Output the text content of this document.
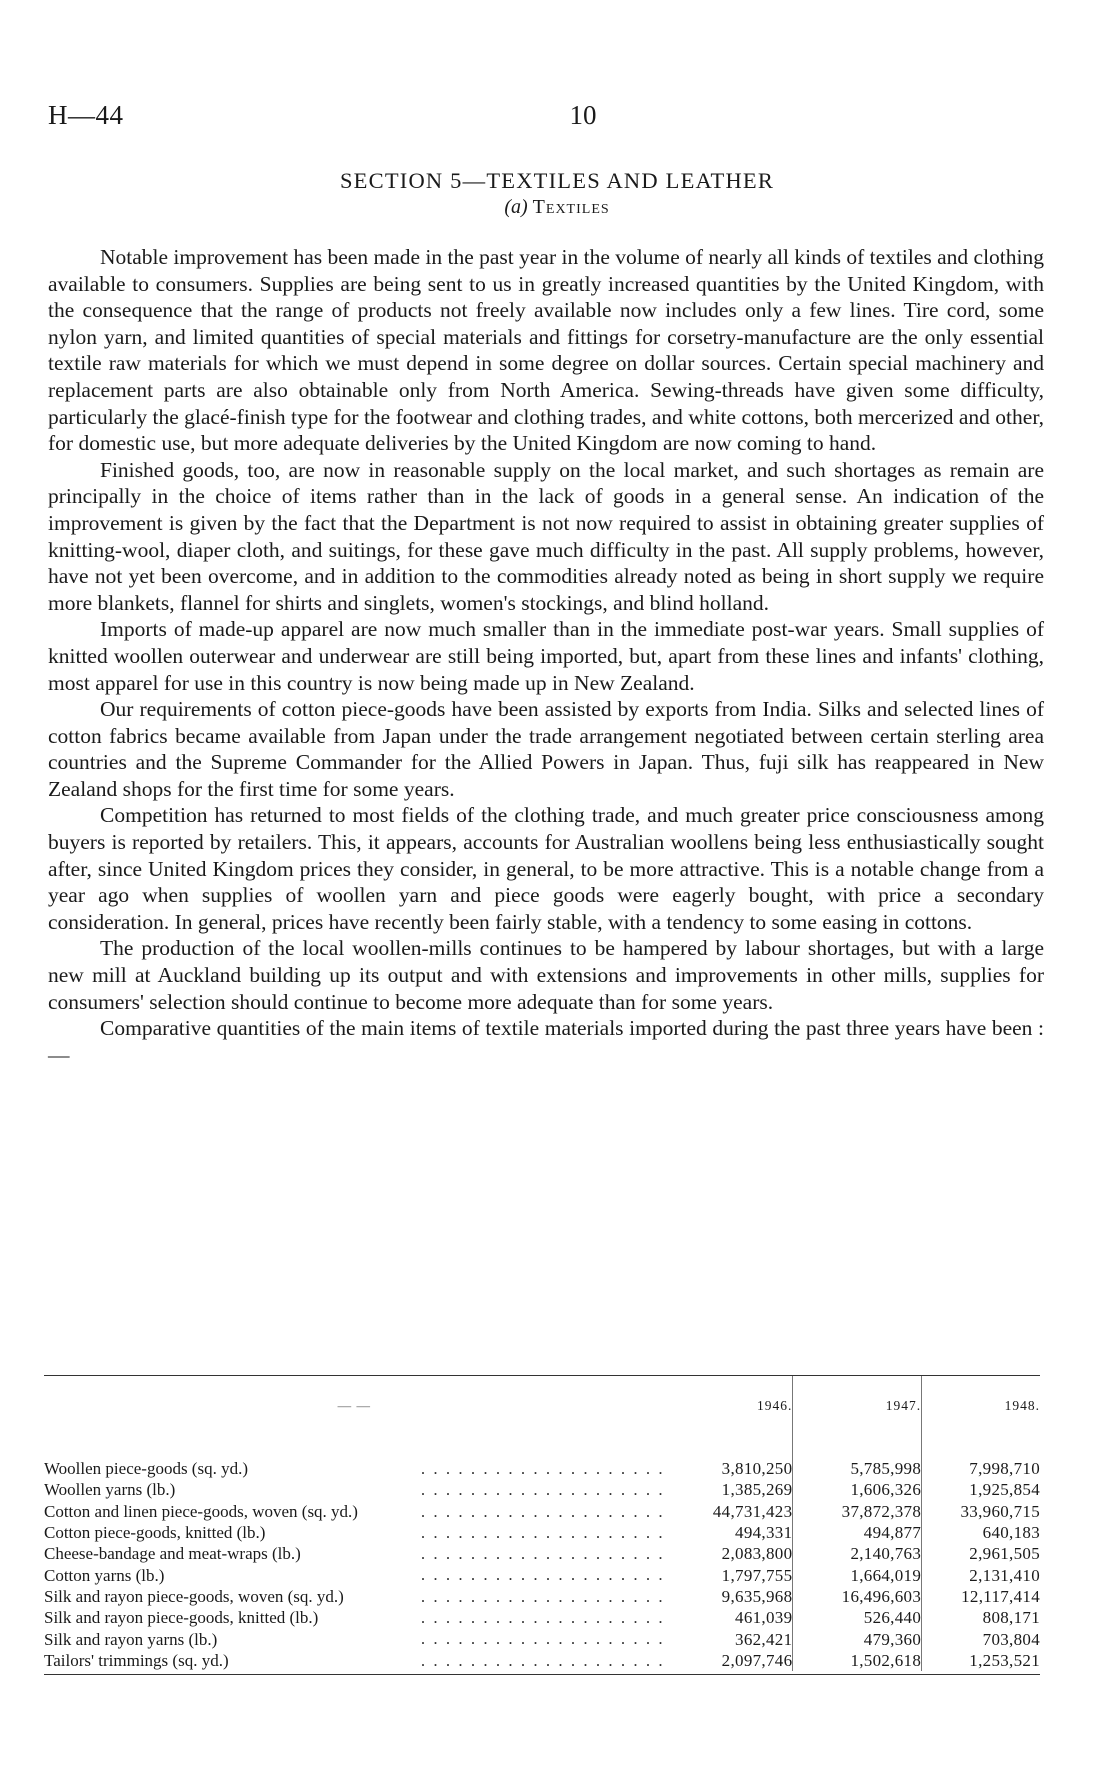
H—44	10
SECTION 5—TEXTILES AND LEATHER
(a) Textiles

Notable improvement has been made in the past year in the volume of nearly all kinds of textiles and clothing available to consumers. Supplies are being sent to us in greatly increased quantities by the United Kingdom, with the consequence that the range of products not freely available now includes only a few lines. Tire cord, some nylon yarn, and limited quantities of special materials and fittings for corsetry-manufacture are the only essential textile raw materials for which we must depend in some degree on dollar sources. Certain special machinery and replacement parts are also obtainable only from North America. Sewing-threads have given some difficulty, particularly the glacé-finish type for the footwear and clothing trades, and white cottons, both mercerized and other, for domestic use, but more adequate deliveries by the United Kingdom are now coming to hand.

Finished goods, too, are now in reasonable supply on the local market, and such shortages as remain are principally in the choice of items rather than in the lack of goods in a general sense. An indication of the improvement is given by the fact that the Department is not now required to assist in obtaining greater supplies of knitting-wool, diaper cloth, and suitings, for these gave much difficulty in the past. All supply problems, however, have not yet been overcome, and in addition to the commodities already noted as being in short supply we require more blankets, flannel for shirts and singlets, women's stockings, and blind holland.

Imports of made-up apparel are now much smaller than in the immediate post-war years. Small supplies of knitted woollen outerwear and underwear are still being imported, but, apart from these lines and infants' clothing, most apparel for use in this country is now being made up in New Zealand.

Our requirements of cotton piece-goods have been assisted by exports from India. Silks and selected lines of cotton fabrics became available from Japan under the trade arrangement negotiated between certain sterling area countries and the Supreme Commander for the Allied Powers in Japan. Thus, fuji silk has reappeared in New Zealand shops for the first time for some years.

Competition has returned to most fields of the clothing trade, and much greater price consciousness among buyers is reported by retailers. This, it appears, accounts for Australian woollens being less enthusiastically sought after, since United Kingdom prices they consider, in general, to be more attractive. This is a notable change from a year ago when supplies of woollen yarn and piece goods were eagerly bought, with price a secondary consideration. In general, prices have recently been fairly stable, with a tendency to some easing in cottons.

The production of the local woollen-mills continues to be hampered by labour shortages, but with a large new mill at Auckland building up its output and with extensions and improvements in other mills, supplies for consumers' selection should continue to become more adequate than for some years.

Comparative quantities of the main items of textile materials imported during the past three years have been :—

— —	1946.	1947.	1948.

. . . . . . . . . . . . . . . . . . . .
Woollen piece-goods (sq. yd.)	3,810,250	5,785,998	7,998,710

. . . . . . . . . . . . . . . . . . . .
Woollen yarns (lb.)	1,385,269	1,606,326	1,925,854

. . . . . . . . . . . . . . . . . . . .
Cotton and linen piece-goods, woven (sq. yd.)	44,731,423	37,872,378	33,960,715

. . . . . . . . . . . . . . . . . . . .
Cotton piece-goods, knitted (lb.)	494,331	494,877	640,183

. . . . . . . . . . . . . . . . . . . .
Cheese-bandage and meat-wraps (lb.)	2,083,800	2,140,763	2,961,505

. . . . . . . . . . . . . . . . . . . .
Cotton yarns (lb.)	1,797,755	1,664,019	2,131,410

. . . . . . . . . . . . . . . . . . . .
Silk and rayon piece-goods, woven (sq. yd.)	9,635,968	16,496,603	12,117,414

. . . . . . . . . . . . . . . . . . . .
Silk and rayon piece-goods, knitted (lb.)	461,039	526,440	808,171

. . . . . . . . . . . . . . . . . . . .
Silk and rayon yarns (lb.)	362,421	479,360	703,804

. . . . . . . . . . . . . . . . . . . .
Tailors' trimmings (sq. yd.)	2,097,746	1,502,618	1,253,521
